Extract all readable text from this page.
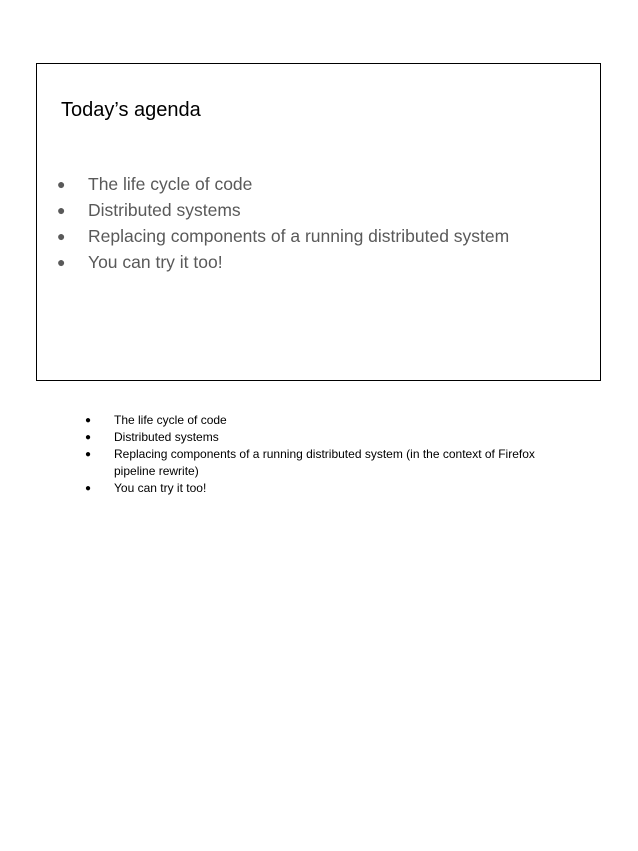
Today’s agenda
● The life cycle of code
● Distributed systems
● Replacing components of a running distributed system
● You can try it too!
● The life cycle of code
● Distributed systems
● Replacing components of a running distributed system (in the context of Firefox pipeline rewrite)
● You can try it too!
